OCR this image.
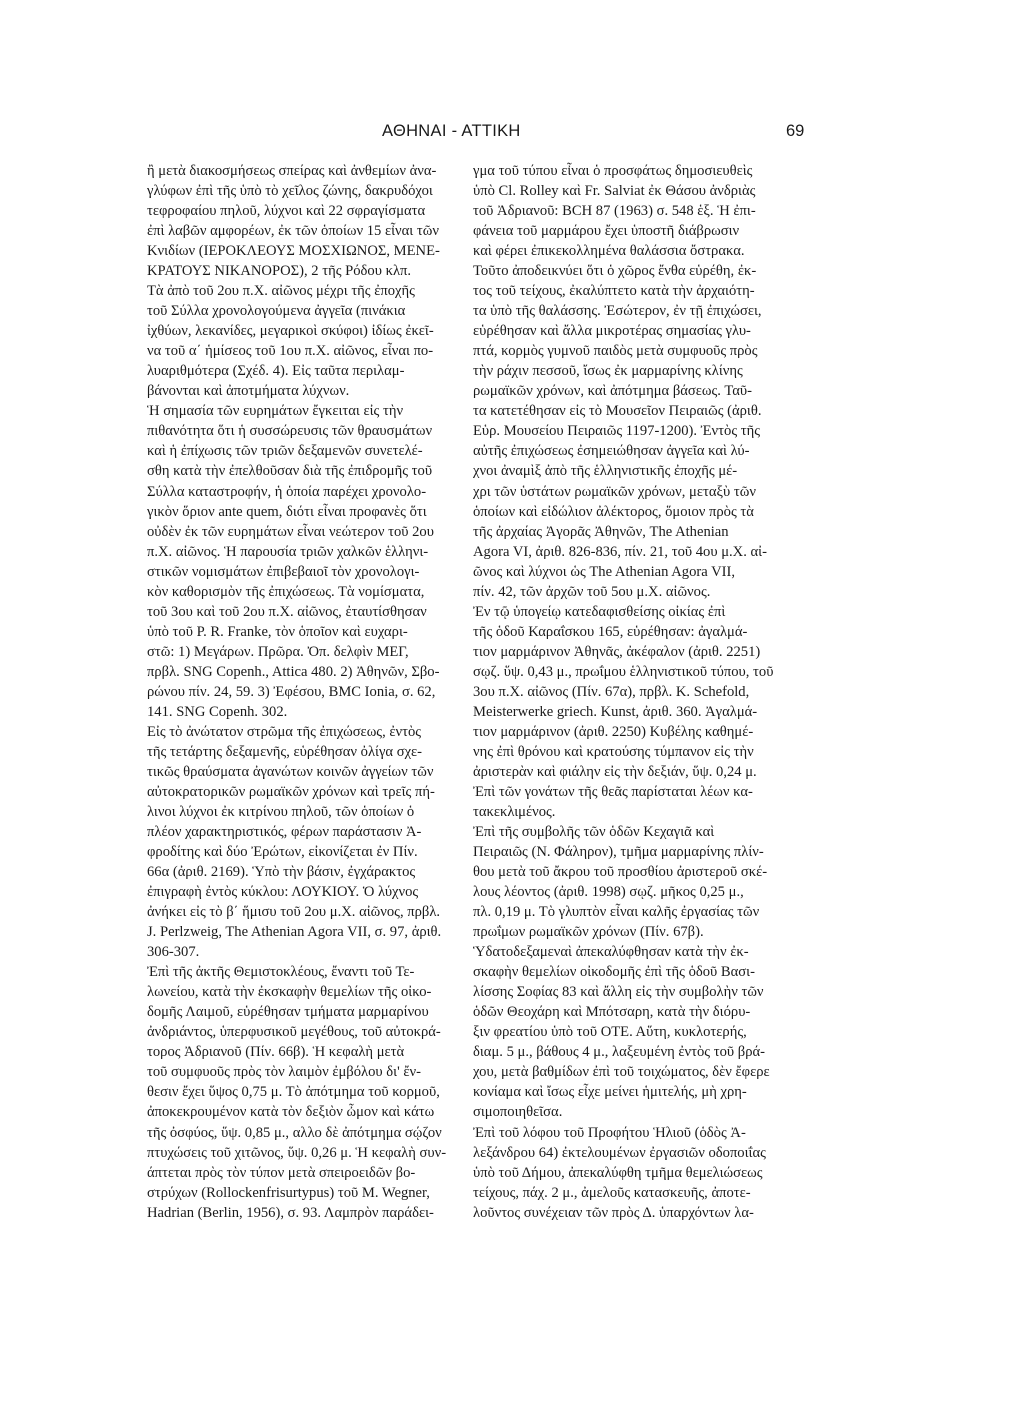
ΑΘΗΝΑΙ - ΑΤΤΙΚΗ	69
ἢ μετὰ διακοσμήσεως σπείρας καὶ ἀνθεμίων ἀνα-
γλύφων ἐπὶ τῆς ὑπὸ τὸ χεῖλος ζώνης, δακρυδόχοι
τεφροφαίου πηλοῦ, λύχνοι καὶ 22 σφραγίσματα
ἐπὶ λαβῶν αμφορέων, ἐκ τῶν ὁποίων 15 εἶναι τῶν
Κνιδίων (ΙΕΡΟΚΛΕΟΥΣ ΜΟΣΧΙΩΝΟΣ, ΜΕΝΕ-
ΚΡΑΤΟΥΣ ΝΙΚΑΝΟΡΟΣ), 2 τῆς Ρόδου κλπ.
Τὰ ἀπὸ τοῦ 2ου π.Χ. αἰῶνος μέχρι τῆς ἐποχῆς
τοῦ Σύλλα χρονολογούμενα ἀγγεῖα (πινάκια
ἰχθύων, λεκανίδες, μεγαρικοὶ σκύφοι) ἰδίως ἐκεῖ-
να τοῦ α΄ ἡμίσεος τοῦ 1ου π.Χ. αἰῶνος, εἶναι πο-
λυαριθμότερα (Σχέδ. 4). Εἰς ταῦτα περιλαμ-
βάνονται καὶ ἀποτμήματα λύχνων.
Ἡ σημασία τῶν ευρημάτων ἔγκειται εἰς τὴν
πιθανότητα ὅτι ἡ συσσώρευσις τῶν θραυσμάτων
καὶ ἡ ἐπίχωσις τῶν τριῶν δεξαμενῶν συνετελέ-
σθη κατὰ τὴν ἐπελθοῦσαν διὰ τῆς ἐπιδρομῆς τοῦ
Σύλλα καταστροφήν, ἡ ὁποία παρέχει χρονολο-
γικὸν ὅριον ante quem, διότι εἶναι προφανὲς ὅτι
οὐδὲν ἐκ τῶν ευρημάτων εἶναι νεώτερον τοῦ 2ου
π.Χ. αἰῶνος. Ἡ παρουσία τριῶν χαλκῶν ἑλληνι-
στικῶν νομισμάτων ἐπιβεβαιοῖ τὸν χρονολογι-
κὸν καθορισμὸν τῆς ἐπιχώσεως. Τὰ νομίσματα,
τοῦ 3ου καὶ τοῦ 2ου π.Χ. αἰῶνος, ἐταυτίσθησαν
ὑπὸ τοῦ P. R. Franke, τὸν ὁποῖον καὶ ευχαρι-
στῶ: 1) Μεγάρων. Πρῶρα. Ὀπ. δελφὶν ΜΕΓ,
πρβλ. SNG Copenh., Attica 480. 2) Ἀθηνῶν, Σβο-
ρώνου πίν. 24, 59. 3) Ἐφέσου, BMC Ionia, σ. 62,
141. SNG Copenh. 302.
Εἰς τὸ ἀνώτατον στρῶμα τῆς ἐπιχώσεως, ἐντὸς
τῆς τετάρτης δεξαμενῆς, εὑρέθησαν ὀλίγα σχε-
τικῶς θραύσματα ἀγανώτων κοινῶν ἀγγείων τῶν
αὐτοκρατορικῶν ρωμαϊκῶν χρόνων καὶ τρεῖς πή-
λινοι λύχνοι ἐκ κιτρίνου πηλοῦ, τῶν ὁποίων ὁ
πλέον χαρακτηριστικός, φέρων παράστασιν Ἀ-
φροδίτης καὶ δύο Ἐρώτων, εἰκονίζεται ἐν Πίν.
66α (ἀριθ. 2169). Ὑπὸ τὴν βάσιν, ἐγχάρακτος
ἐπιγραφὴ ἐντὸς κύκλου: ΛΟΥΚΙΟΥ. Ὁ λύχνος
ἀνήκει εἰς τὸ β΄ ἥμισυ τοῦ 2ου μ.Χ. αἰῶνος, πρβλ.
J. Perlzweig, The Athenian Agora VII, σ. 97, ἀριθ.
306-307.
Ἐπὶ τῆς ἀκτῆς Θεμιστοκλέους, ἔναντι τοῦ Τε-
λωνείου, κατὰ τὴν ἐκσκαφὴν θεμελίων τῆς οἰκο-
δομῆς Λαιμοῦ, εὑρέθησαν τμήματα μαρμαρίνου
ἀνδριάντος, ὑπερφυσικοῦ μεγέθους, τοῦ αὐτοκρά-
τορος Ἀδριανοῦ (Πίν. 66β). Ἡ κεφαλὴ μετὰ
τοῦ συμφυοῦς πρὸς τὸν λαιμὸν ἐμβόλου δι' ἔν-
θεσιν ἔχει ὕψος 0,75 μ. Τὸ ἀπότμημα τοῦ κορμοῦ,
ἀποκεκρουμένον κατὰ τὸν δεξιὸν ὦμον καὶ κάτω
τῆς ὀσφύος, ὕψ. 0,85 μ., αλλο δὲ ἀπότμημα σῴζον
πτυχώσεις τοῦ χιτῶνος, ὕψ. 0,26 μ. Ἡ κεφαλὴ συν-
άπτεται πρὸς τὸν τύπον μετὰ σπειροειδῶν βο-
στρύχων (Rollockenfrisurtypus) τοῦ M. Wegner,
Hadrian (Berlin, 1956), σ. 93. Λαμπρὸν παράδει-
γμα τοῦ τύπου εἶναι ὁ προσφάτως δημοσιευθεὶς
ὑπὸ Cl. Rolley καὶ Fr. Salviat ἐκ Θάσου ἀνδριὰς
τοῦ Ἀδριανοῦ: BCH 87 (1963) σ. 548 ἑξ. Ἡ ἐπι-
φάνεια τοῦ μαρμάρου ἔχει ὑποστῆ διάβρωσιν
καὶ φέρει ἐπικεκολλημένα θαλάσσια ὄστρακα.
Τοῦτο ἀποδεικνύει ὅτι ὁ χῶρος ἔνθα εὑρέθη, ἐκ-
τος τοῦ τείχους, ἐκαλύπτετο κατὰ τὴν ἀρχαιότη-
τα ὑπὸ τῆς θαλάσσης. Ἐσώτερον, ἐν τῇ ἐπιχώσει,
εὑρέθησαν καὶ ἄλλα μικροτέρας σημασίας γλυ-
πτά, κορμὸς γυμνοῦ παιδὸς μετὰ συμφυοῦς πρὸς
τὴν ράχιν πεσσοῦ, ἴσως ἐκ μαρμαρίνης κλίνης
ρωμαϊκῶν χρόνων, καὶ ἀπότμημα βάσεως. Ταῦ-
τα κατετέθησαν εἰς τὸ Μουσεῖον Πειραιῶς (ἀριθ.
Εὑρ. Μουσείου Πειραιῶς 1197-1200). Ἐντὸς τῆς
αὐτῆς ἐπιχώσεως ἐσημειώθησαν ἀγγεῖα καὶ λύ-
χνοι ἀναμὶξ ἀπὸ τῆς ἑλληνιστικῆς ἐποχῆς μέ-
χρι τῶν ὑστάτων ρωμαϊκῶν χρόνων, μεταξὺ τῶν
ὁποίων καὶ εἰδώλιον ἀλέκτορος, ὅμοιον πρὸς τὰ
τῆς ἀρχαίας Ἀγορᾶς Ἀθηνῶν, The Athenian
Agora VI, ἀριθ. 826-836, πίν. 21, τοῦ 4ου μ.Χ. αἰ-
ῶνος καὶ λύχνοι ὡς The Athenian Agora VII,
πίν. 42, τῶν ἀρχῶν τοῦ 5ου μ.Χ. αἰῶνος.
Ἐν τῷ ὑπογείῳ κατεδαφισθείσης οἰκίας ἐπὶ
τῆς ὁδοῦ Καραΐσκου 165, εὑρέθησαν: ἀγαλμά-
τιον μαρμάρινον Ἀθηνᾶς, ἀκέφαλον (ἀριθ. 2251)
σῳζ. ὕψ. 0,43 μ., πρωΐμου ἑλληνιστικοῦ τύπου, τοῦ
3ου π.Χ. αἰῶνος (Πίν. 67α), πρβλ. K. Schefold,
Meisterwerke griech. Kunst, ἀριθ. 360. Ἀγαλμά-
τιον μαρμάρινον (ἀριθ. 2250) Κυβέλης καθημέ-
νης ἐπὶ θρόνου καὶ κρατούσης τύμπανον εἰς τὴν
ἀριστερὰν καὶ φιάλην εἰς τὴν δεξιάν, ὕψ. 0,24 μ.
Ἐπὶ τῶν γονάτων τῆς θεᾶς παρίσταται λέων κα-
τακεκλιμένος.
Ἐπὶ τῆς συμβολῆς τῶν ὁδῶν Κεχαγιᾶ καὶ
Πειραιῶς (Ν. Φάληρον), τμῆμα μαρμαρίνης πλίν-
θου μετὰ τοῦ ἄκρου τοῦ προσθίου ἀριστεροῦ σκέ-
λους λέοντος (ἀριθ. 1998) σῳζ. μῆκος 0,25 μ.,
πλ. 0,19 μ. Τὸ γλυπτὸν εἶναι καλῆς ἐργασίας τῶν
πρωΐμων ρωμαϊκῶν χρόνων (Πίν. 67β).
Ὑδατοδεξαμεναὶ ἀπεκαλύφθησαν κατὰ τὴν ἐκ-
σκαφὴν θεμελίων οἰκοδομῆς ἐπὶ τῆς ὁδοῦ Βασι-
λίσσης Σοφίας 83 καὶ ἄλλη εἰς τὴν συμβολὴν τῶν
ὁδῶν Θεοχάρη καὶ Μπότσαρη, κατὰ τὴν διόρυ-
ξιν φρεατίου ὑπὸ τοῦ ΟΤΕ. Αὕτη, κυκλοτερής,
διαμ. 5 μ., βάθους 4 μ., λαξευμένη ἐντὸς τοῦ βρά-
χου, μετὰ βαθμίδων ἐπὶ τοῦ τοιχώματος, δὲν ἔφερε
κονίαμα καὶ ἴσως εἶχε μείνει ἡμιτελής, μὴ χρη-
σιμοποιηθεῖσα.
Ἐπὶ τοῦ λόφου τοῦ Προφήτου Ἡλιοῦ (ὁδὸς Ἀ-
λεξάνδρου 64) ἐκτελουμένων ἐργασιῶν οδοποιΐας
ὑπὸ τοῦ Δήμου, ἀπεκαλύφθη τμῆμα θεμελιώσεως
τείχους, πάχ. 2 μ., ἀμελοῦς κατασκευῆς, ἀποτε-
λοῦντος συνέχειαν τῶν πρὸς Δ. ὑπαρχόντων λα-
